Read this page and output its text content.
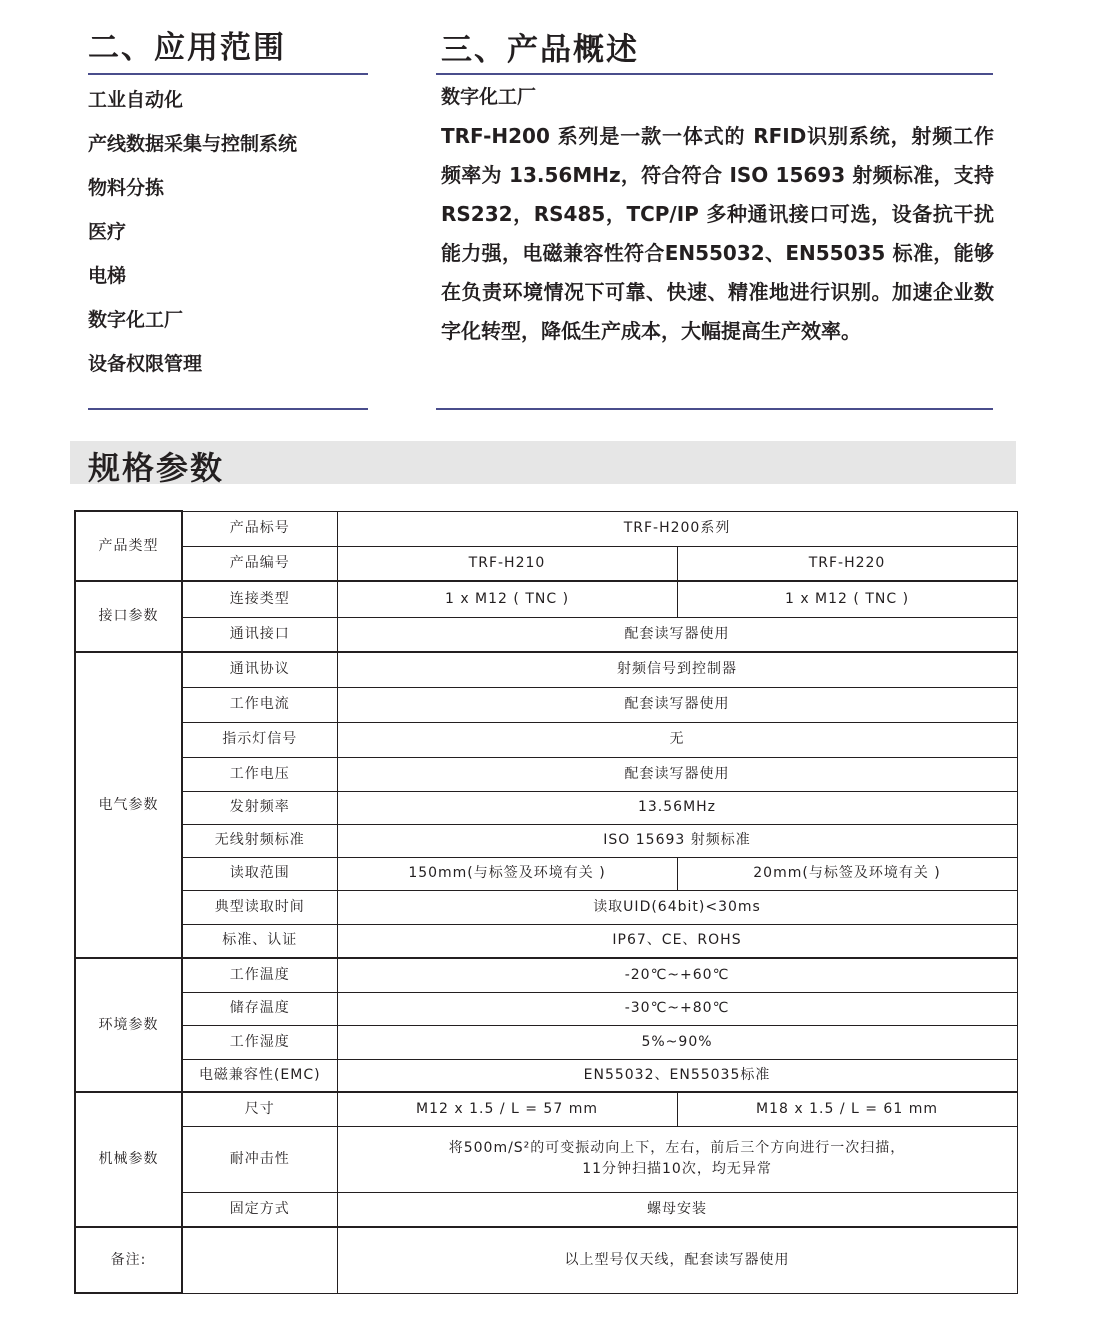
二、应用范围
工业自动化
产线数据采集与控制系统
物料分拣
医疗
电梯
数字化工厂
设备权限管理
三、产品概述
数字化工厂

TRF-H200 系列是一款一体式的 RFID识别系统，射频工作频率为 13.56MHz，符合符合 ISO 15693 射频标准，支持RS232，RS485，TCP/IP 多种通讯接口可选，设备抗干扰能力强，电磁兼容性符合EN55032、EN55035 标准，能够在负责环境情况下可靠、快速、精准地进行识别。加速企业数字化转型，降低生产成本，大幅提高生产效率。

规格参数
产品类型	产品标号	TRF-H200系列	
	产品编号	TRF-H210	TRF-H220
接口参数	连接类型	1 x M12 ( TNC )	1 x M12 ( TNC )
	通讯接口	配套读写器使用	
电气参数	通讯协议	射频信号到控制器	
	工作电流	配套读写器使用	
	指示灯信号	无	
	工作电压	配套读写器使用	
	发射频率	13.56MHz	
	无线射频标准	ISO 15693 射频标准	
	读取范围	150mm(与标签及环境有关 )	20mm(与标签及环境有关 )
	典型读取时间	读取UID(64bit)<30ms	
	标准、认证	IP67、CE、ROHS	
环境参数	工作温度	-20℃~+60℃	
	储存温度	-30℃~+80℃	
	工作湿度	5%~90%	
	电磁兼容性(EMC)	EN55032、EN55035标准	
机械参数	尺寸	M12 x 1.5 / L = 57 mm	M18 x 1.5 / L = 61 mm
	耐冲击性	将500m/S²的可变振动向上下，左右，前后三个方向进行一次扫描，
11分钟扫描10次，均无异常	

	固定方式	螺母安装	
备注:		以上型号仅天线，配套读写器使用	
